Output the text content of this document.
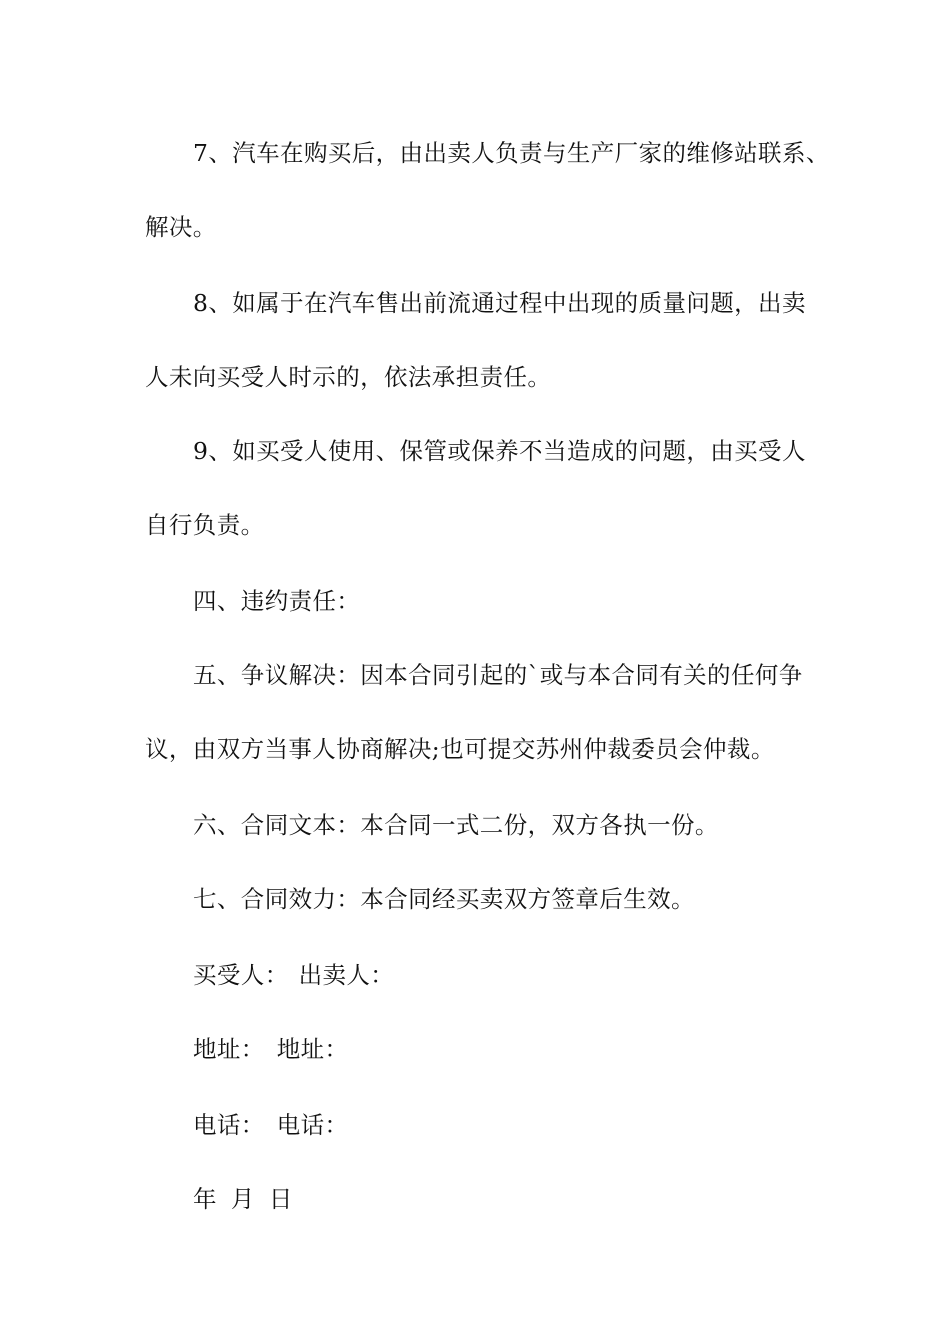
7、汽车在购买后，由出卖人负责与生产厂家的维修站联系、
解决。
8、如属于在汽车售出前流通过程中出现的质量问题，出卖
人未向买受人时示的，依法承担责任。
9、如买受人使用、保管或保养不当造成的问题，由买受人
自行负责。
四、违约责任：
五、争议解决：因本合同引起的`或与本合同有关的任何争
议，由双方当事人协商解决;也可提交苏州仲裁委员会仲裁。
六、合同文本：本合同一式二份，双方各执一份。
七、合同效力：本合同经买卖双方签章后生效。
买受人： 出卖人：
地址： 地址：
电话： 电话：
年 月 日
